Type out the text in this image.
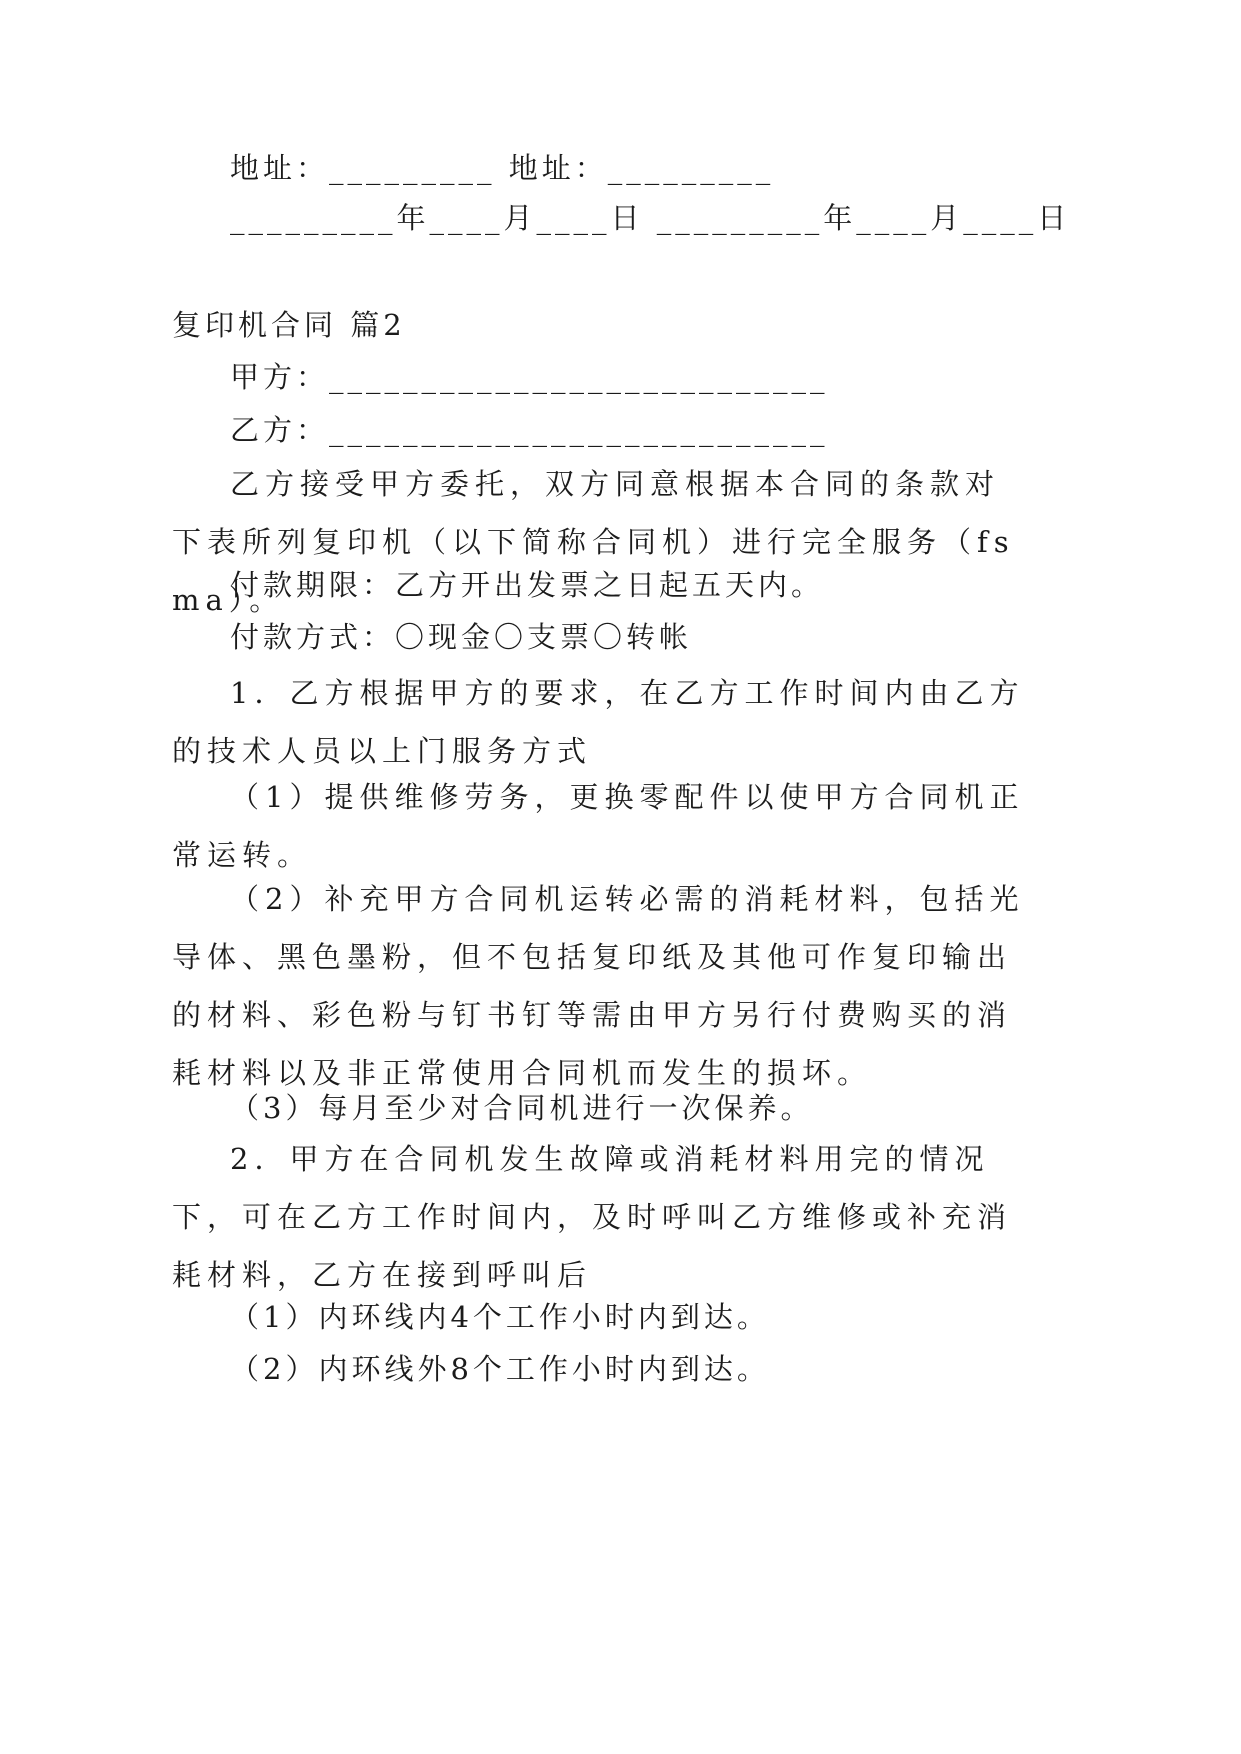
地址：_________ 地址：_________
_________年____月____日 _________年____月____日
复印机合同 篇2
甲方：___________________________
乙方：___________________________
乙方接受甲方委托，双方同意根据本合同的条款对下表所列复印机（以下简称合同机）进行完全服务（fsma）。
付款期限：乙方开出发票之日起五天内。
付款方式：〇现金〇支票〇转帐
1．乙方根据甲方的要求，在乙方工作时间内由乙方的技术人员以上门服务方式
（1）提供维修劳务，更换零配件以使甲方合同机正常运转。
（2）补充甲方合同机运转必需的消耗材料，包括光导体、黑色墨粉，但不包括复印纸及其他可作复印输出的材料、彩色粉与钉书钉等需由甲方另行付费购买的消耗材料以及非正常使用合同机而发生的损坏。
（3）每月至少对合同机进行一次保养。
2．甲方在合同机发生故障或消耗材料用完的情况下，可在乙方工作时间内，及时呼叫乙方维修或补充消耗材料，乙方在接到呼叫后
（1）内环线内4个工作小时内到达。
（2）内环线外8个工作小时内到达。
